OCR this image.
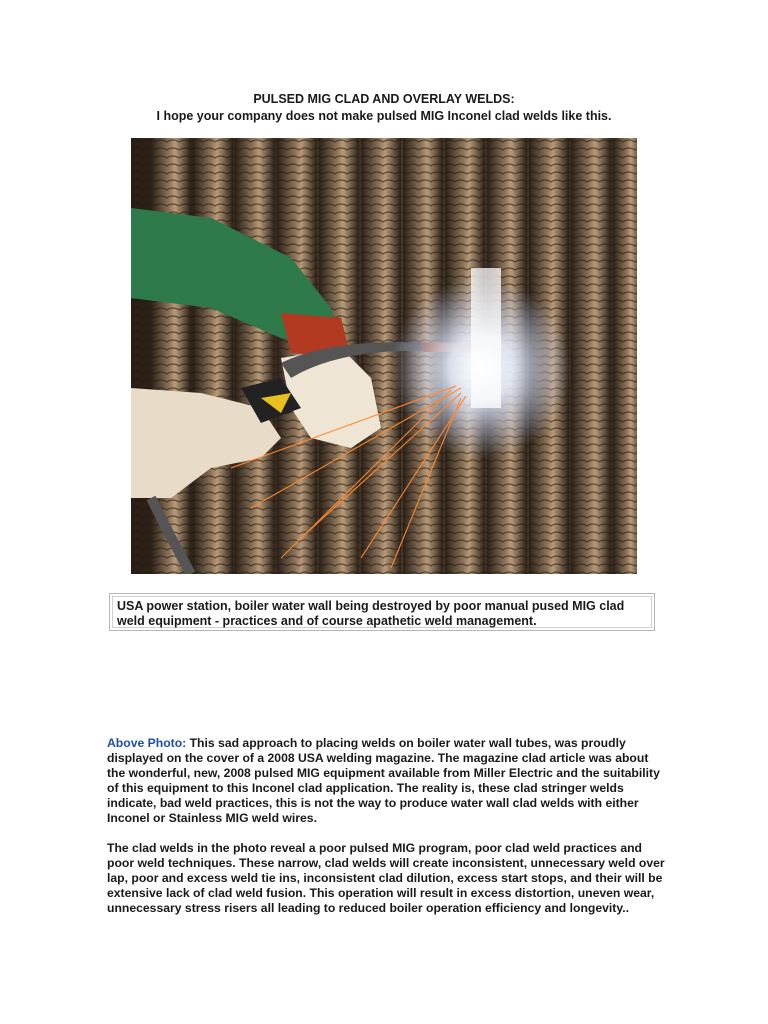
PULSED MIG CLAD AND OVERLAY WELDS:
I hope your company does not make pulsed MIG Inconel clad welds like this.
USA power station, boiler water wall being destroyed by poor manual pused MIG clad
weld equipment - practices and of course apathetic weld management.

Above Photo: This sad approach to placing welds on boiler water wall tubes, was proudly displayed on the cover of a 2008 USA welding magazine. The magazine clad article was about the wonderful, new, 2008 pulsed MIG equipment available from Miller Electric and the suitability of this equipment to this Inconel clad application. The reality is, these clad stringer welds indicate, bad weld practices, this is not the way to produce water wall clad welds with either Inconel or Stainless MIG weld wires.

The clad welds in the photo reveal a poor pulsed MIG program, poor clad weld practices and poor weld techniques. These narrow, clad welds will create inconsistent, unnecessary weld over lap, poor and excess weld tie ins, inconsistent clad dilution, excess start stops, and their will be extensive lack of clad weld fusion. This operation will result in excess distortion, uneven wear, unnecessary stress risers all leading to reduced boiler operation efficiency and longevity..
